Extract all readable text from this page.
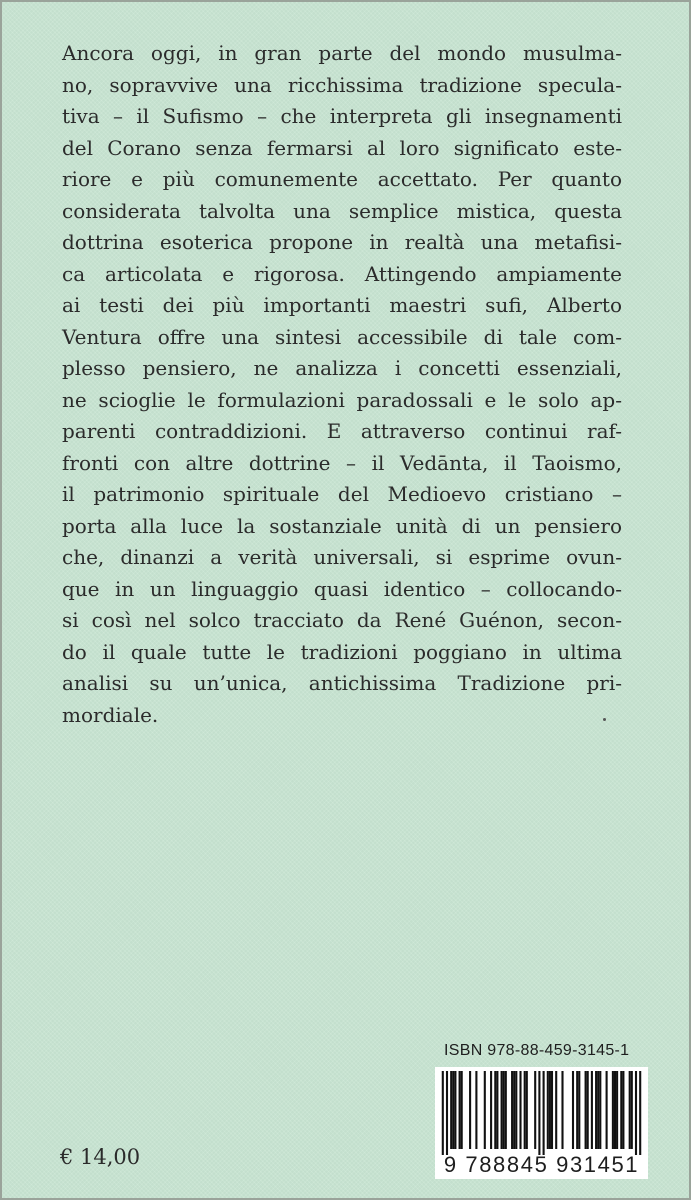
Ancora oggi, in gran parte del mondo musulma-
no, sopravvive una ricchissima tradizione specula-
tiva – il Sufismo – che interpreta gli insegnamenti
del Corano senza fermarsi al loro significato este-
riore e più comunemente accettato. Per quanto
considerata talvolta una semplice mistica, questa
dottrina esoterica propone in realtà una metafisi-
ca articolata e rigorosa. Attingendo ampiamente
ai testi dei più importanti maestri sufi, Alberto
Ventura offre una sintesi accessibile di tale com-
plesso pensiero, ne analizza i concetti essenziali,
ne scioglie le formulazioni paradossali e le solo ap-
parenti contraddizioni. E attraverso continui raf-
fronti con altre dottrine – il Vedānta, il Taoismo,
il patrimonio spirituale del Medioevo cristiano –
porta alla luce la sostanziale unità di un pensiero
che, dinanzi a verità universali, si esprime ovun-
que in un linguaggio quasi identico – collocando-
si così nel solco tracciato da René Guénon, secon-
do il quale tutte le tradizioni poggiano in ultima
analisi su un’unica, antichissima Tradizione pri-
mordiale.
ISBN 978-88-459-3145-1
9 788845 931451
€ 14,00
